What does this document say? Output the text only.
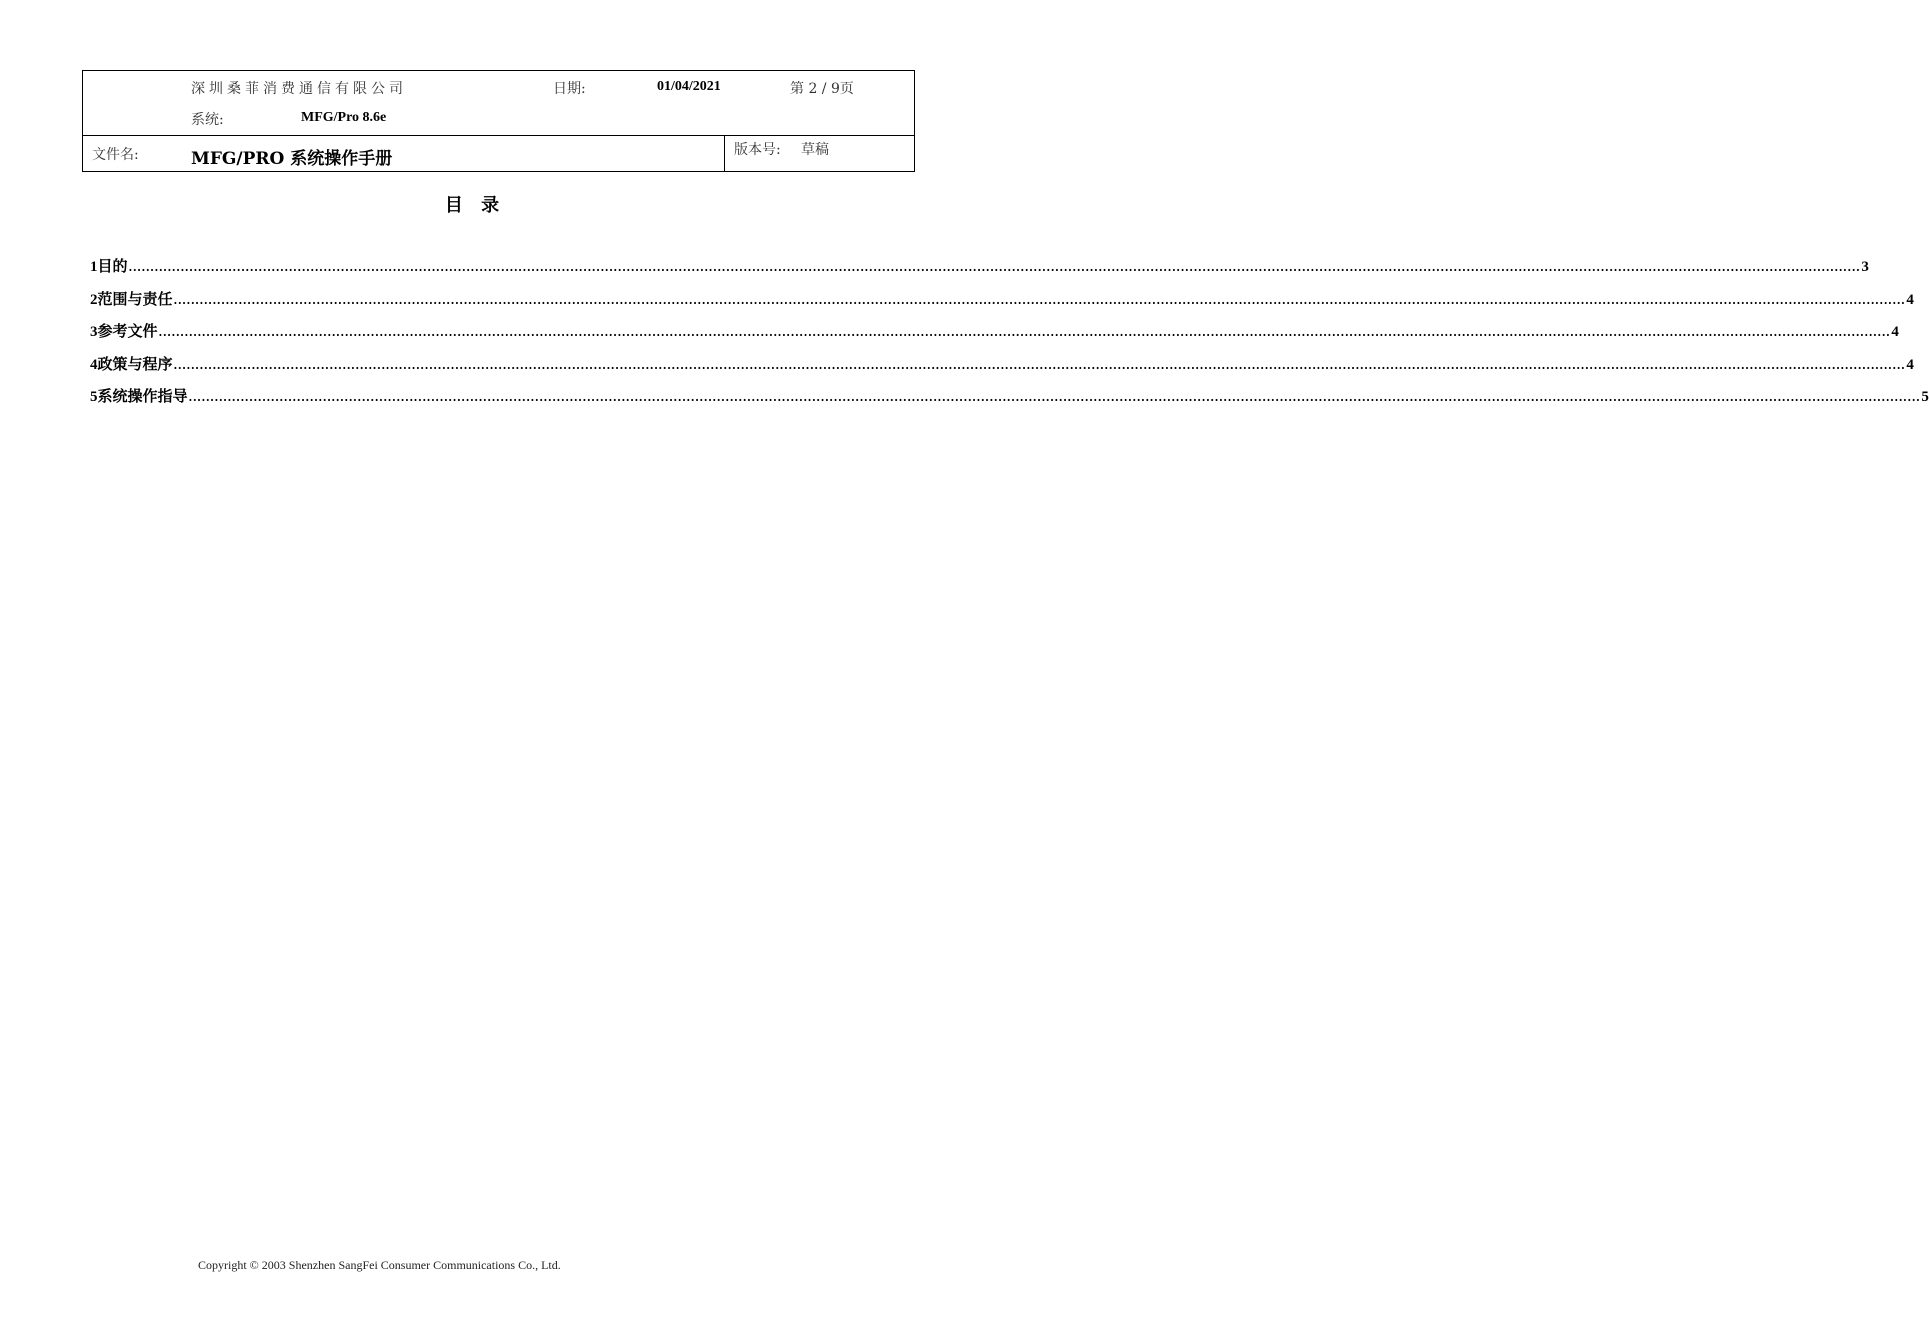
深圳桑菲消费通信有限公司	日期:	01/04/2021	第 2 / 9页
系统:	MFG/Pro 8.6e
文件名:	MFG/PRO 系统操作手册	版本号: 草稿
目 录
1 目的 ................................................................................................................................................................................................................................................................................................................................................................................................................ 3
2 范围与责任 ................................................................................................................................................................................................................................................................................................................................................................................................................ 4
3 参考文件 ................................................................................................................................................................................................................................................................................................................................................................................................................ 4
4 政策与程序 ................................................................................................................................................................................................................................................................................................................................................................................................................ 4
5 系统操作指导 ................................................................................................................................................................................................................................................................................................................................................................................................................ 5
Copyright © 2003 Shenzhen SangFei Consumer Communications Co., Ltd.
